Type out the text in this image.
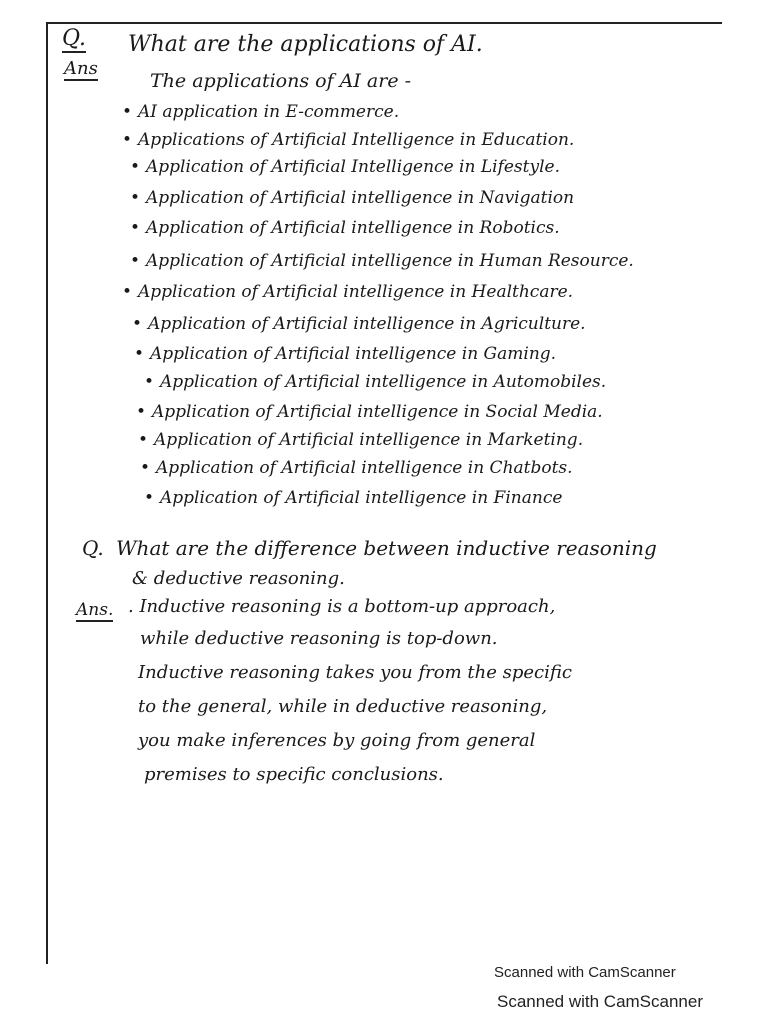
Q. What are the applications of AI.
Ans
The applications of AI are -
• AI application in E-commerce.
• Applications of Artificial Intelligence in Education.
• Application of Artificial Intelligence in Lifestyle.
• Application of Artificial intelligence in Navigation
• Application of Artificial intelligence in Robotics.
• Application of Artificial intelligence in Human Resource.
• Application of Artificial intelligence in Healthcare.
• Application of Artificial intelligence in Agriculture.
• Application of Artificial intelligence in Gaming.
• Application of Artificial intelligence in Automobiles.
• Application of Artificial intelligence in Social Media.
• Application of Artificial intelligence in Marketing.
• Application of Artificial intelligence in Chatbots.
• Application of Artificial intelligence in Finance
Q. What are the difference between inductive reasoning
& deductive reasoning.
Ans. . Inductive reasoning is a bottom-up approach,
while deductive reasoning is top-down.
Inductive reasoning takes you from the specific
to the general, while in deductive reasoning,
you make inferences by going from general
premises to specific conclusions.
Scanned with CamScanner
Scanned with CamScanner
